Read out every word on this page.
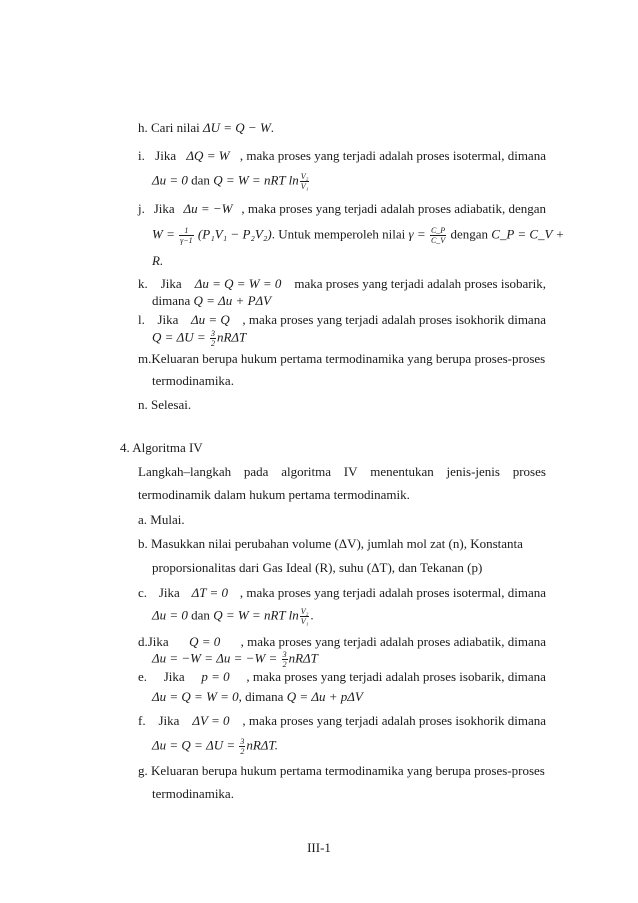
h. Cari nilai ΔU = Q − W.
i. Jika ΔQ = W , maka proses yang terjadi adalah proses isotermal, dimana
Δu = 0 dan Q = W = nRT $\ln \frac{\text{V₂}}{\text{V₁}}$
j. Jika Δu = −W , maka proses yang terjadi adalah proses adiabatik, dengan
$W = \frac{1}{\gamma-1} (P_1V_1 - P_2V_2)$. Untuk memperoleh nilai $\gamma = \frac{C\_P}{C\_V}$ dengan C_P = C_V +
R.
k. Jika Δu = Q = W = 0 maka proses yang terjadi adalah proses isobarik,
dimana Q = Δu + PΔV
l. Jika Δu = Q , maka proses yang terjadi adalah proses isokhorik dimana
$Q = \Delta U = \frac{3}{2}$ nRΔT
m.Keluaran berupa hukum pertama termodinamika yang berupa proses-proses
termodinamika.
n. Selesai.
4. Algoritma IV
Langkah–langkah pada algoritma IV menentukan jenis-jenis proses
termodinamik dalam hukum pertama termodinamik.
a. Mulai.
b. Masukkan nilai perubahan volume (ΔV), jumlah mol zat (n), Konstanta
proporsionalitas dari Gas Ideal (R), suhu (ΔT), dan Tekanan (p)
c. Jika ΔT = 0 , maka proses yang terjadi adalah proses isotermal, dimana
Δu = 0 dan Q = W = nRT $\ln \frac{\text{V₂}}{\text{V₁}}$ .
d.Jika Q = 0 , maka proses yang terjadi adalah proses adiabatik, dimana
$\Delta u = -W = \Delta u = -W = \frac{3}{2}$ nRΔT
e. Jika p = 0 , maka proses yang terjadi adalah proses isobarik, dimana
Δu = Q = W = 0, dimana Q = Δu + pΔV
f. Jika ΔV = 0 , maka proses yang terjadi adalah proses isokhorik dimana
$\Delta u = Q = \Delta U = \frac{3}{2} nR\Delta T$.
g. Keluaran berupa hukum pertama termodinamika yang berupa proses-proses
termodinamika.
III-1
